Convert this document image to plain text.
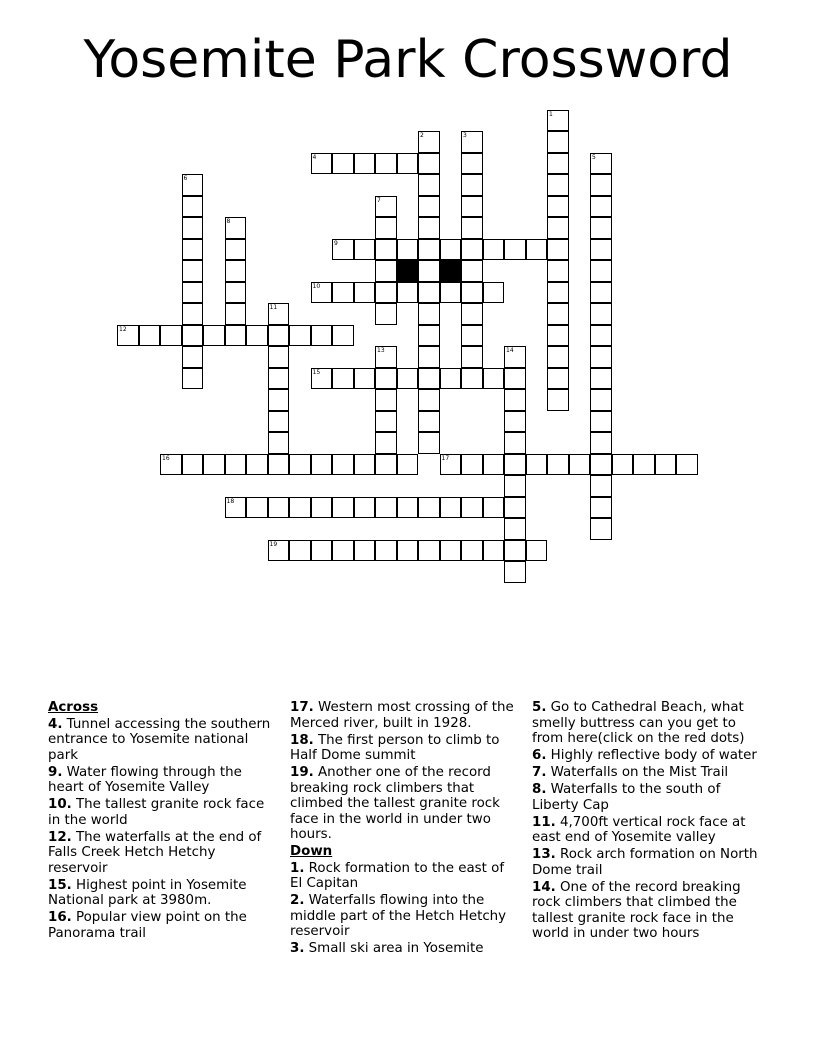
Yosemite Park Crossword
4
9
10
12
15
16	17
18
19
1
2	3
5
6
7
8
11
13	14
Across
4. Tunnel accessing the southern entrance to Yosemite national park
9. Water flowing through the heart of Yosemite Valley
10. The tallest granite rock face in the world
12. The waterfalls at the end of Falls Creek Hetch Hetchy reservoir
15. Highest point in Yosemite National park at 3980m.
16. Popular view point on the Panorama trail
17. Western most crossing of the Merced river, built in 1928.
18. The first person to climb to Half Dome summit
19. Another one of the record breaking rock climbers that climbed the tallest granite rock face in the world in under two hours.
Down
1. Rock formation to the east of El Capitan
2. Waterfalls flowing into the middle part of the Hetch Hetchy reservoir
3. Small ski area in Yosemite
5. Go to Cathedral Beach, what smelly buttress can you get to from here(click on the red dots)
6. Highly reflective body of water
7. Waterfalls on the Mist Trail
8. Waterfalls to the south of Liberty Cap
11. 4,700ft vertical rock face at east end of Yosemite valley
13. Rock arch formation on North Dome trail
14. One of the record breaking rock climbers that climbed the tallest granite rock face in the world in under two hours
